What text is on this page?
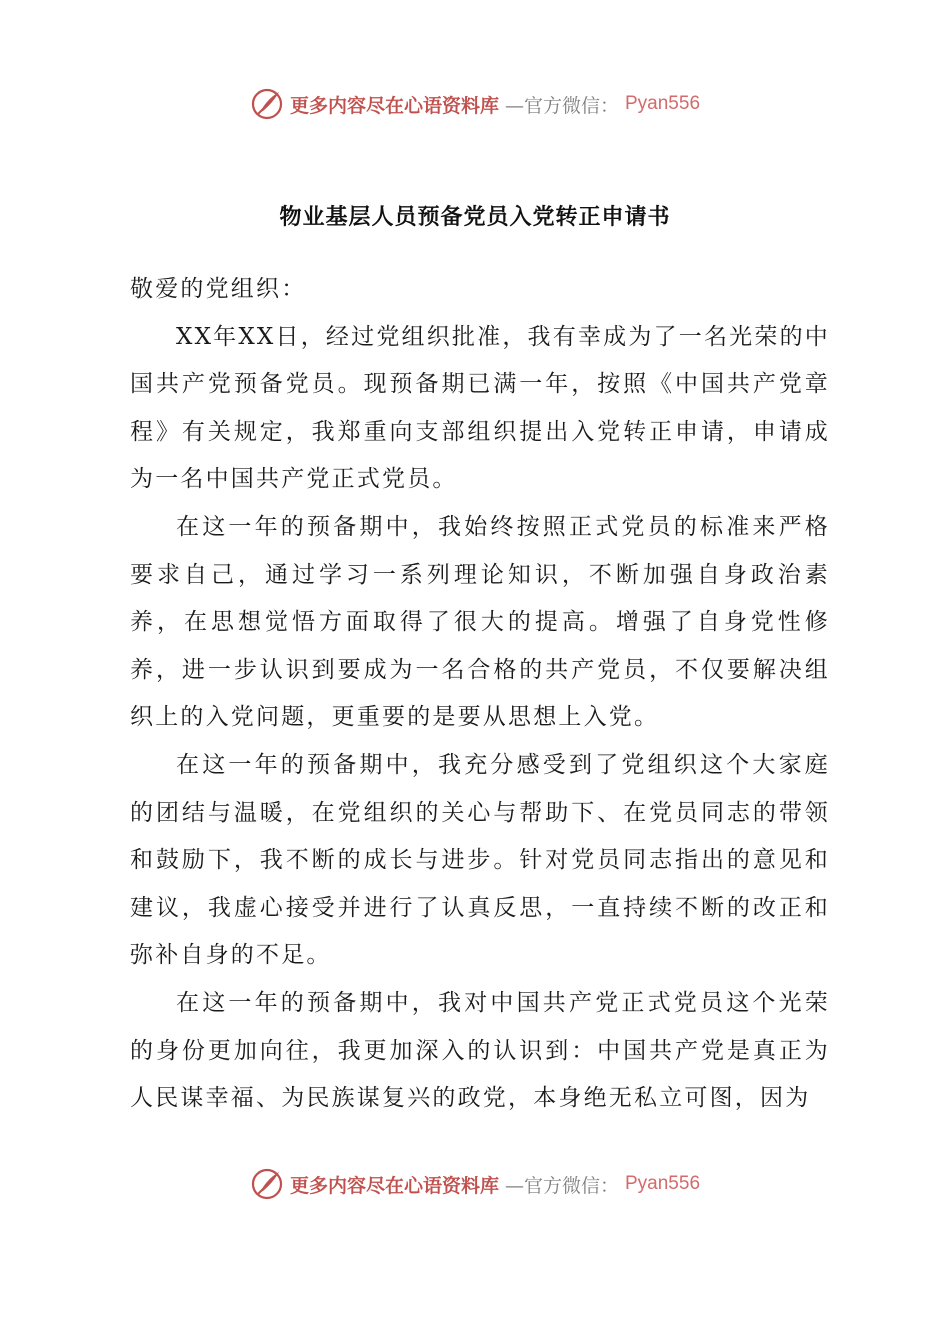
更多内容尽在心语资料库 —官方微信： Pyan556
物业基层人员预备党员入党转正申请书

敬爱的党组织：

XX年XX日，经过党组织批准，我有幸成为了一名光荣的中国共产党预备党员。现预备期已满一年，按照《中国共产党章程》有关规定，我郑重向支部组织提出入党转正申请，申请成为一名中国共产党正式党员。

在这一年的预备期中，我始终按照正式党员的标准来严格要求自己，通过学习一系列理论知识，不断加强自身政治素养，在思想觉悟方面取得了很大的提高。增强了自身党性修养，进一步认识到要成为一名合格的共产党员，不仅要解决组织上的入党问题，更重要的是要从思想上入党。

在这一年的预备期中，我充分感受到了党组织这个大家庭的团结与温暖，在党组织的关心与帮助下、在党员同志的带领和鼓励下，我不断的成长与进步。针对党员同志指出的意见和建议，我虚心接受并进行了认真反思，一直持续不断的改正和弥补自身的不足。

在这一年的预备期中，我对中国共产党正式党员这个光荣的身份更加向往，我更加深入的认识到：中国共产党是真正为人民谋幸福、为民族谋复兴的政党，本身绝无私立可图，因为

更多内容尽在心语资料库 —官方微信： Pyan556
